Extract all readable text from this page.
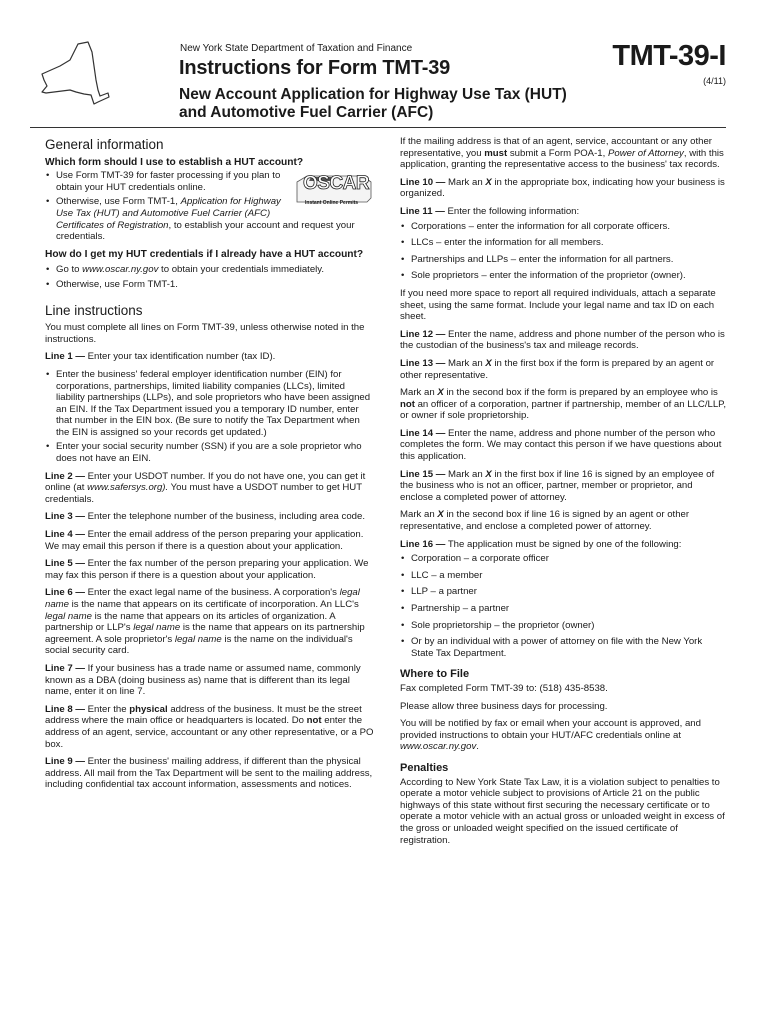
New York State Department of Taxation and Finance
Instructions for Form TMT-39	TMT-39-I
(4/11)
New Account Application for Highway Use Tax (HUT)
and Automotive Fuel Carrier (AFC)
General information
Which form should I use to establish a HUT account?
• OSCAR
Instant Online Permits
Use Form TMT-39 for faster processing if you plan to obtain your HUT credentials online.
• Otherwise, use Form TMT-1, Application for Highway Use Tax (HUT) and Automotive Fuel Carrier (AFC) Certificates of Registration, to establish your account and request your credentials.
How do I get my HUT credentials if I already have a HUT account?
• Go to www.oscar.ny.gov to obtain your credentials immediately.
• Otherwise, use Form TMT-1.
Line instructions

You must complete all lines on Form TMT-39, unless otherwise noted in the instructions.

Line 1 — Enter your tax identification number (tax ID).

• Enter the business' federal employer identification number (EIN) for corporations, partnerships, limited liability companies (LLCs), limited liability partnerships (LLPs), and sole proprietors who have been assigned an EIN. If the Tax Department issued you a temporary ID number, enter that number in the EIN box. (Be sure to notify the Tax Department when the EIN is assigned so your records get updated.)
• Enter your social security number (SSN) if you are a sole proprietor who does not have an EIN.

Line 2 — Enter your USDOT number. If you do not have one, you can get it online (at www.safersys.org). You must have a USDOT number to get HUT credentials.

Line 3 — Enter the telephone number of the business, including area code.

Line 4 — Enter the email address of the person preparing your application. We may email this person if there is a question about your application.

Line 5 — Enter the fax number of the person preparing your application. We may fax this person if there is a question about your application.

Line 6 — Enter the exact legal name of the business. A corporation's legal name is the name that appears on its certificate of incorporation. An LLC's legal name is the name that appears on its articles of organization. A partnership or LLP's legal name is the name that appears on its partnership agreement. A sole proprietor's legal name is the name on the individual's social security card.

Line 7 — If your business has a trade name or assumed name, commonly known as a DBA (doing business as) name that is different than its legal name, enter it on line 7.

Line 8 — Enter the physical address of the business. It must be the street address where the main office or headquarters is located. Do not enter the address of an agent, service, accountant or any other representative, or a PO box.

Line 9 — Enter the business' mailing address, if different than the physical address. All mail from the Tax Department will be sent to the mailing address, including confidential tax account information, assessments and notices.

If the mailing address is that of an agent, service, accountant or any other representative, you must submit a Form POA-1, Power of Attorney, with this application, granting the representative access to the business' tax records.

Line 10 — Mark an X in the appropriate box, indicating how your business is organized.

Line 11 — Enter the following information:

• Corporations – enter the information for all corporate officers.
• LLCs – enter the information for all members.
• Partnerships and LLPs – enter the information for all partners.
• Sole proprietors – enter the information of the proprietor (owner).

If you need more space to report all required individuals, attach a separate sheet, using the same format. Include your legal name and tax ID on each sheet.

Line 12 — Enter the name, address and phone number of the person who is the custodian of the business's tax and mileage records.

Line 13 — Mark an X in the first box if the form is prepared by an agent or other representative.

Mark an X in the second box if the form is prepared by an employee who is not an officer of a corporation, partner if partnership, member of an LLC/LLP, or owner if sole proprietorship.

Line 14 — Enter the name, address and phone number of the person who completes the form. We may contact this person if we have questions about this application.

Line 15 — Mark an X in the first box if line 16 is signed by an employee of the business who is not an officer, partner, member or proprietor, and enclose a completed power of attorney.

Mark an X in the second box if line 16 is signed by an agent or other representative, and enclose a completed power of attorney.

Line 16 — The application must be signed by one of the following:

• Corporation – a corporate officer
• LLC – a member
• LLP – a partner
• Partnership – a partner
• Sole proprietorship – the proprietor (owner)
• Or by an individual with a power of attorney on file with the New York State Tax Department.
Where to File

Fax completed Form TMT-39 to: (518) 435-8538.

Please allow three business days for processing.

You will be notified by fax or email when your account is approved, and provided instructions to obtain your HUT/AFC credentials online at www.oscar.ny.gov.

Penalties

According to New York State Tax Law, it is a violation subject to penalties to operate a motor vehicle subject to provisions of Article 21 on the public highways of this state without first securing the necessary certificate or to operate a motor vehicle with an actual gross or unloaded weight in excess of the gross or unloaded weight specified on the issued certificate of registration.
